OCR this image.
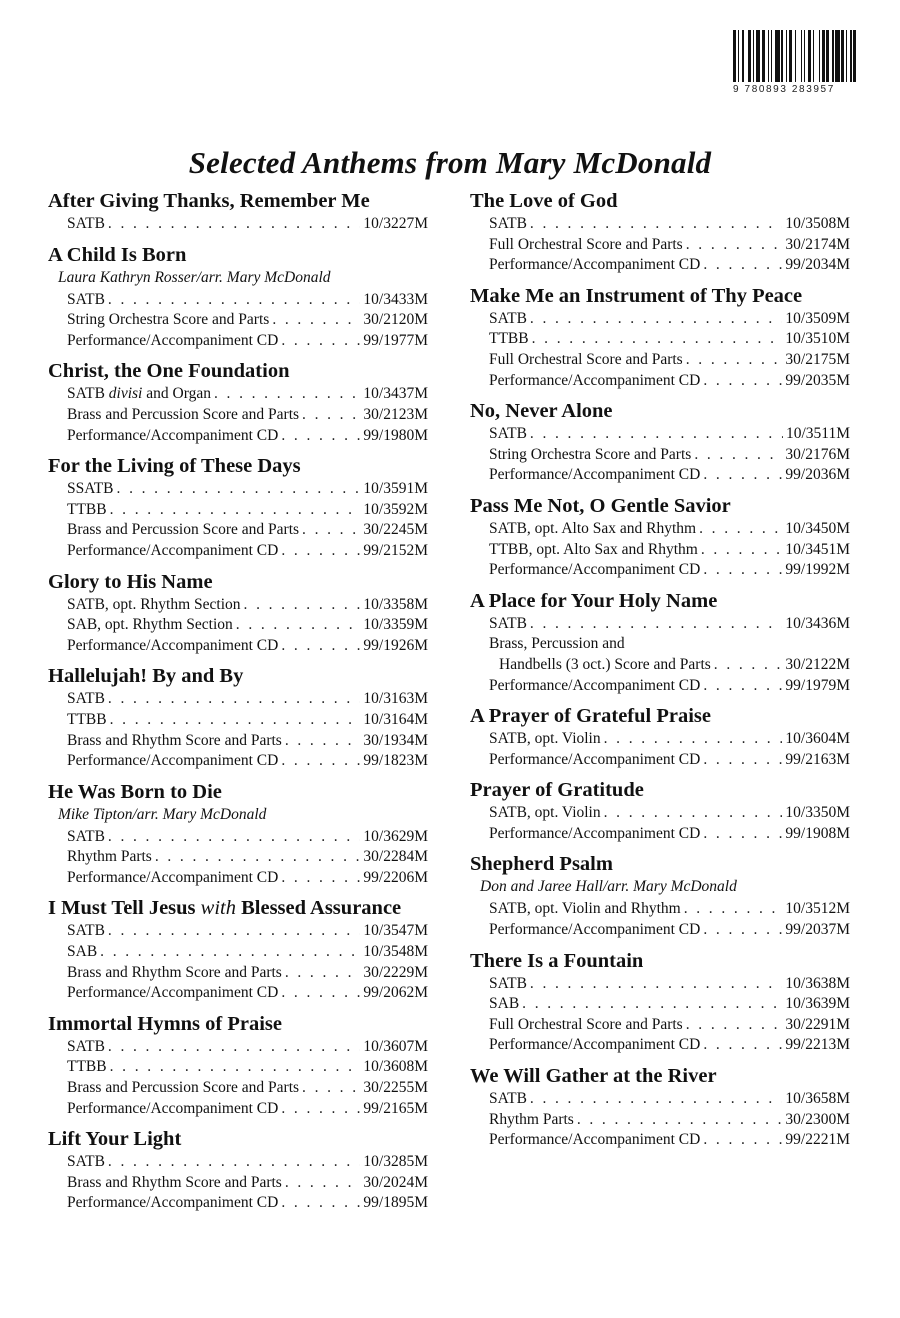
9 780893 283957
Selected Anthems from Mary McDonald
After Giving Thanks, Remember Me
SATB . . .	10/3227M
A Child Is Born
Laura Kathryn Rosser/arr. Mary McDonald
SATB . . .	10/3433M
String Orchestra Score and Parts . . .	30/2120M
Performance/Accompaniment CD . . .	99/1977M
Christ, the One Foundation
SATB divisi and Organ . . .	10/3437M
Brass and Percussion Score and Parts . . .	30/2123M
Performance/Accompaniment CD . . .	99/1980M
For the Living of These Days
SSATB . . .	10/3591M
TTBB . . .	10/3592M
Brass and Percussion Score and Parts . . .	30/2245M
Performance/Accompaniment CD . . .	99/2152M
Glory to His Name
SATB, opt. Rhythm Section . . .	10/3358M
SAB, opt. Rhythm Section . . .	10/3359M
Performance/Accompaniment CD . . .	99/1926M
Hallelujah! By and By
SATB . . .	10/3163M
TTBB . . .	10/3164M
Brass and Rhythm Score and Parts . . .	30/1934M
Performance/Accompaniment CD . . .	99/1823M
He Was Born to Die
Mike Tipton/arr. Mary McDonald
SATB . . .	10/3629M
Rhythm Parts . . .	30/2284M
Performance/Accompaniment CD . . .	99/2206M
I Must Tell Jesus with Blessed Assurance
SATB . . .	10/3547M
SAB . . .	10/3548M
Brass and Rhythm Score and Parts . . .	30/2229M
Performance/Accompaniment CD . . .	99/2062M
Immortal Hymns of Praise
SATB . . .	10/3607M
TTBB . . .	10/3608M
Brass and Percussion Score and Parts . . .	30/2255M
Performance/Accompaniment CD . . .	99/2165M
Lift Your Light
SATB . . .	10/3285M
Brass and Rhythm Score and Parts . . .	30/2024M
Performance/Accompaniment CD . . .	99/1895M
The Love of God
SATB . . .	10/3508M
Full Orchestral Score and Parts . . .	30/2174M
Performance/Accompaniment CD . . .	99/2034M
Make Me an Instrument of Thy Peace
SATB . . .	10/3509M
TTBB . . .	10/3510M
Full Orchestral Score and Parts . . .	30/2175M
Performance/Accompaniment CD . . .	99/2035M
No, Never Alone
SATB . . .	10/3511M
String Orchestra Score and Parts . . .	30/2176M
Performance/Accompaniment CD . . .	99/2036M
Pass Me Not, O Gentle Savior
SATB, opt. Alto Sax and Rhythm . . .	10/3450M
TTBB, opt. Alto Sax and Rhythm . . .	10/3451M
Performance/Accompaniment CD . . .	99/1992M
A Place for Your Holy Name
SATB . . .	10/3436M
Brass, Percussion and
Handbells (3 oct.) Score and Parts . . .	30/2122M
Performance/Accompaniment CD . . .	99/1979M
A Prayer of Grateful Praise
SATB, opt. Violin . . .	10/3604M
Performance/Accompaniment CD . . .	99/2163M
Prayer of Gratitude
SATB, opt. Violin . . .	10/3350M
Performance/Accompaniment CD . . .	99/1908M
Shepherd Psalm
Don and Jaree Hall/arr. Mary McDonald
SATB, opt. Violin and Rhythm . . .	10/3512M
Performance/Accompaniment CD . . .	99/2037M
There Is a Fountain
SATB . . .	10/3638M
SAB . . .	10/3639M
Full Orchestral Score and Parts . . .	30/2291M
Performance/Accompaniment CD . . .	99/2213M
We Will Gather at the River
SATB . . .	10/3658M
Rhythm Parts . . .	30/2300M
Performance/Accompaniment CD . . .	99/2221M
